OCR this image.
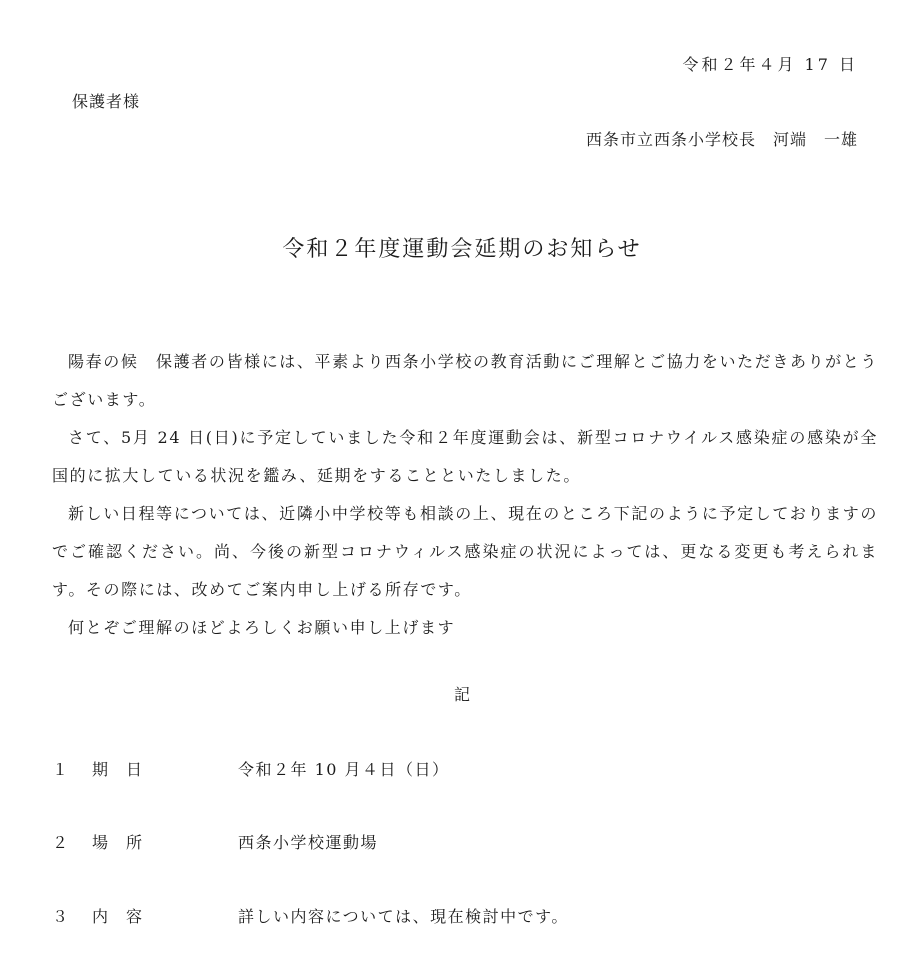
令和２年４月 17 日
保護者様
西条市立西条小学校長　河端　一雄
令和２年度運動会延期のお知らせ

陽春の候　保護者の皆様には、平素より西条小学校の教育活動にご理解とご協力をいただきありがとうございます。

さて、5月 24 日(日)に予定していました令和２年度運動会は、新型コロナウイルス感染症の感染が全国的に拡大している状況を鑑み、延期をすることといたしました。

新しい日程等については、近隣小中学校等も相談の上、現在のところ下記のように予定しておりますのでご確認ください。尚、今後の新型コロナウィルス感染症の状況によっては、更なる変更も考えられます。その際には、改めてご案内申し上げる所存です。

何とぞご理解のほどよろしくお願い申し上げます

記
１ 期日	令和２年 10 月４日（日）
２ 場所	西条小学校運動場
３ 内容	詳しい内容については、現在検討中です。
